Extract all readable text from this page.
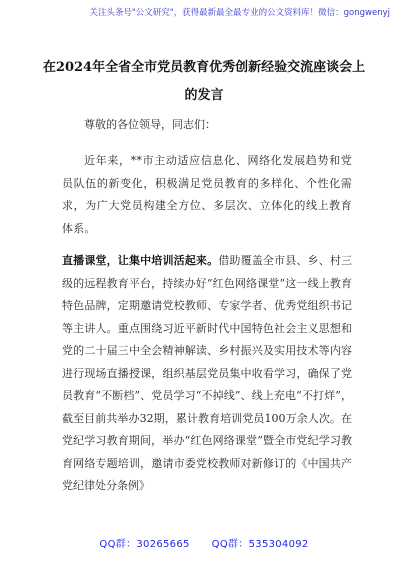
关注头条号"公文研究"，获得最新最全最专业的公文资料库！微信：gongwenyj
在2024年全省全市党员教育优秀创新经验交流座谈会上的发言
尊敬的各位领导，同志们：
近年来，**市主动适应信息化、网络化发展趋势和党员队伍的新变化，积极满足党员教育的多样化、个性化需求，为广大党员构建全方位、多层次、立体化的线上教育体系。
直播课堂，让集中培训活起来。借助覆盖全市县、乡、村三级的远程教育平台，持续办好“红色网络课堂”这一线上教育特色品牌，定期邀请党校教师、专家学者、优秀党组织书记等主讲人。重点围绕习近平新时代中国特色社会主义思想和党的二十届三中全会精神解读、乡村振兴及实用技术等内容进行现场直播授课，组织基层党员集中收看学习，确保了党员教育“不断档”、党员学习“不掉线”、线上充电“不打烊”，截至目前共举办32期，累计教育培训党员100万余人次。在党纪学习教育期间，举办“红色网络课堂”暨全市党纪学习教育网络专题培训，邀请市委党校教师对新修订的《中国共产党纪律处分条例》
QQ群：30265665 QQ群：535304092
